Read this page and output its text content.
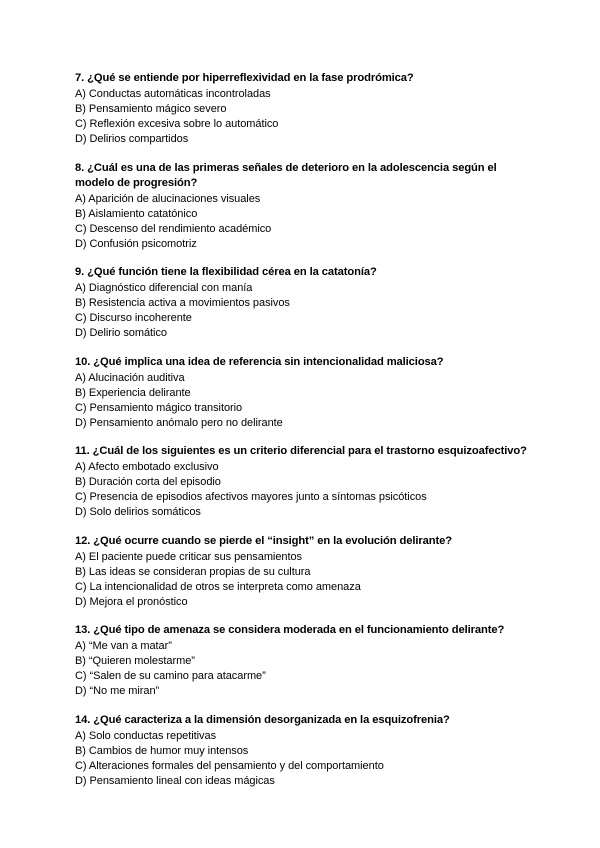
7. ¿Qué se entiende por hiperreflexividad en la fase prodrómica?
A) Conductas automáticas incontroladas
B) Pensamiento mágico severo
C) Reflexión excesiva sobre lo automático
D) Delirios compartidos
8. ¿Cuál es una de las primeras señales de deterioro en la adolescencia según el modelo de progresión?
A) Aparición de alucinaciones visuales
B) Aislamiento catatónico
C) Descenso del rendimiento académico
D) Confusión psicomotriz
9. ¿Qué función tiene la flexibilidad cérea en la catatonía?
A) Diagnóstico diferencial con manía
B) Resistencia activa a movimientos pasivos
C) Discurso incoherente
D) Delirio somático
10. ¿Qué implica una idea de referencia sin intencionalidad maliciosa?
A) Alucinación auditiva
B) Experiencia delirante
C) Pensamiento mágico transitorio
D) Pensamiento anómalo pero no delirante
11. ¿Cuál de los siguientes es un criterio diferencial para el trastorno esquizoafectivo?
A) Afecto embotado exclusivo
B) Duración corta del episodio
C) Presencia de episodios afectivos mayores junto a síntomas psicóticos
D) Solo delirios somáticos
12. ¿Qué ocurre cuando se pierde el “insight” en la evolución delirante?
A) El paciente puede criticar sus pensamientos
B) Las ideas se consideran propias de su cultura
C) La intencionalidad de otros se interpreta como amenaza
D) Mejora el pronóstico
13. ¿Qué tipo de amenaza se considera moderada en el funcionamiento delirante?
A) “Me van a matar”
B) “Quieren molestarme”
C) “Salen de su camino para atacarme”
D) “No me miran”
14. ¿Qué caracteriza a la dimensión desorganizada en la esquizofrenia?
A) Solo conductas repetitivas
B) Cambios de humor muy intensos
C) Alteraciones formales del pensamiento y del comportamiento
D) Pensamiento lineal con ideas mágicas
